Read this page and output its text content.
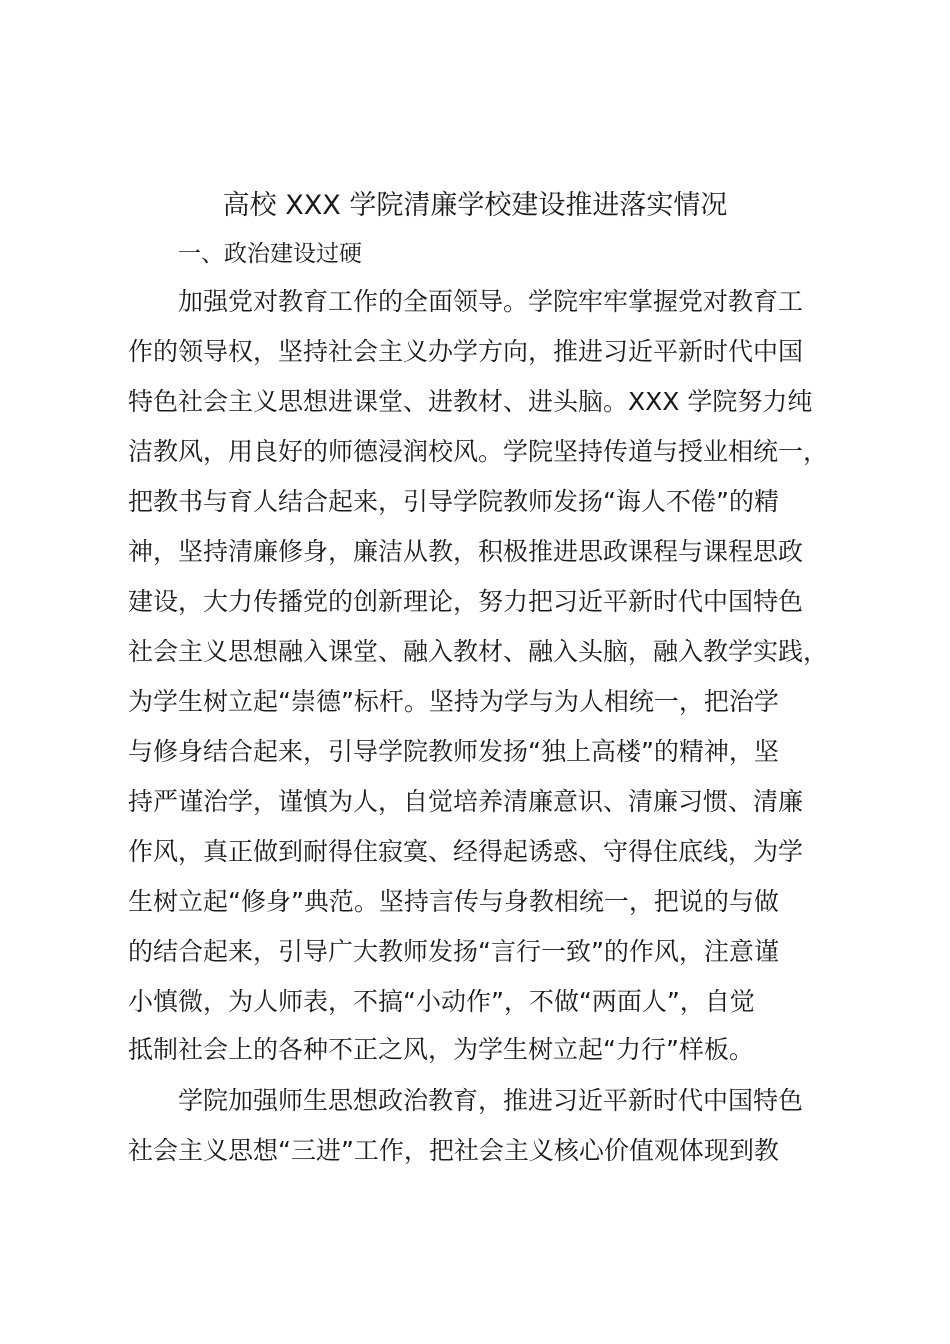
高校 XXX 学院清廉学校建设推进落实情况
一、政治建设过硬
加强党对教育工作的全面领导。学院牢牢掌握党对教育工
作的领导权，坚持社会主义办学方向，推进习近平新时代中国
特色社会主义思想进课堂、进教材、进头脑。XXX 学院努力纯
洁教风，用良好的师德浸润校风。学院坚持传道与授业相统一，
把教书与育人结合起来，引导学院教师发扬“诲人不倦”的精
神，坚持清廉修身，廉洁从教，积极推进思政课程与课程思政
建设，大力传播党的创新理论，努力把习近平新时代中国特色
社会主义思想融入课堂、融入教材、融入头脑，融入教学实践，
为学生树立起“崇德”标杆。坚持为学与为人相统一，把治学
与修身结合起来，引导学院教师发扬“独上高楼”的精神，坚
持严谨治学，谨慎为人，自觉培养清廉意识、清廉习惯、清廉
作风，真正做到耐得住寂寞、经得起诱惑、守得住底线，为学
生树立起“修身”典范。坚持言传与身教相统一，把说的与做
的结合起来，引导广大教师发扬“言行一致”的作风，注意谨
小慎微，为人师表，不搞“小动作”，不做“两面人”，自觉
抵制社会上的各种不正之风，为学生树立起“力行”样板。
学院加强师生思想政治教育，推进习近平新时代中国特色
社会主义思想“三进”工作，把社会主义核心价值观体现到教
